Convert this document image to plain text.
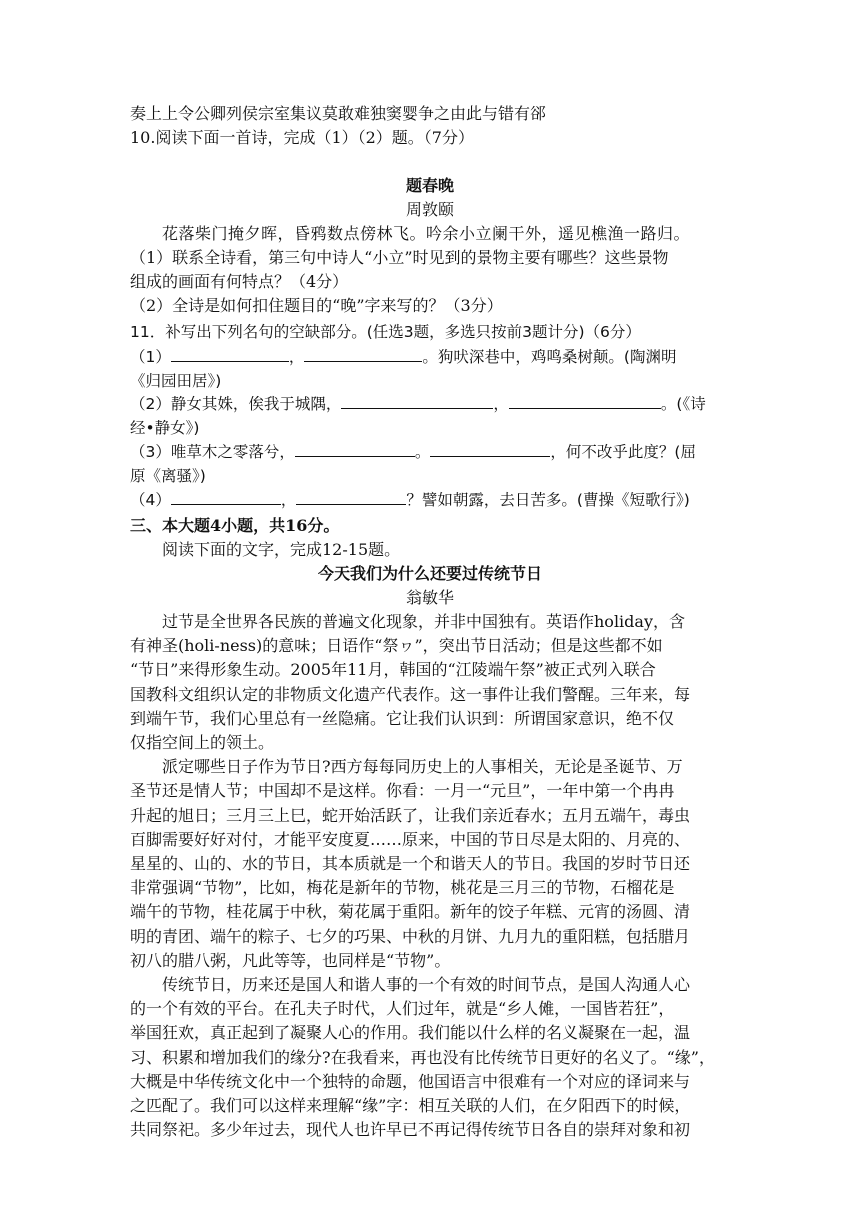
奏上上令公卿列侯宗室集议莫敢难独窦婴争之由此与错有郤
10.阅读下面一首诗，完成（1）（2）题。（7分）
题春晚
周敦颐
花落柴门掩夕晖，昏鸦数点傍林飞。吟余小立阑干外，遥见樵渔一路归。
（1）联系全诗看，第三句中诗人“小立”时见到的景物主要有哪些？这些景物
组成的画面有何特点？（4分）
（2）全诗是如何扣住题目的“晚”字来写的？（3分）
11．补写出下列名句的空缺部分。(任选3题，多选只按前3题计分)（6分）
（1）	，	。狗吠深巷中，鸡鸣桑树颠。(陶渊明
《归园田居》)
（2）静女其姝，俟我于城隅，	，	。(《诗
经•静女》)
（3）唯草木之零落兮，	。	，何不改乎此度？(屈
原《离骚》)
（4）	，	？譬如朝露，去日苦多。(曹操《短歌行》)
三、本大题4小题，共16分。
阅读下面的文字，完成12-15题。
今天我们为什么还要过传统节日
翁敏华
过节是全世界各民族的普遍文化现象，并非中国独有。英语作holiday，含
有神圣(holi-ness)的意味；日语作“祭ヮ”，突出节日活动；但是这些都不如
“节日”来得形象生动。2005年11月，韩国的“江陵端午祭”被正式列入联合
国教科文组织认定的非物质文化遗产代表作。这一事件让我们警醒。三年来，每
到端午节，我们心里总有一丝隐痛。它让我们认识到：所谓国家意识，绝不仅
仅指空间上的领土。
派定哪些日子作为节日?西方每每同历史上的人事相关，无论是圣诞节、万
圣节还是情人节；中国却不是这样。你看：一月一“元旦”，一年中第一个冉冉
升起的旭日；三月三上巳，蛇开始活跃了，让我们亲近春水；五月五端午，毒虫
百脚需要好好对付，才能平安度夏……原来，中国的节日尽是太阳的、月亮的、
星星的、山的、水的节日，其本质就是一个和谐天人的节日。我国的岁时节日还
非常强调“节物”，比如，梅花是新年的节物，桃花是三月三的节物，石榴花是
端午的节物，桂花属于中秋，菊花属于重阳。新年的饺子年糕、元宵的汤圆、清
明的青团、端午的粽子、七夕的巧果、中秋的月饼、九月九的重阳糕，包括腊月
初八的腊八粥，凡此等等，也同样是“节物”。
传统节日，历来还是国人和谐人事的一个有效的时间节点，是国人沟通人心
的一个有效的平台。在孔夫子时代，人们过年，就是“乡人傩，一国皆若狂”，
举国狂欢，真正起到了凝聚人心的作用。我们能以什么样的名义凝聚在一起，温
习、积累和增加我们的缘分?在我看来，再也没有比传统节日更好的名义了。“缘”，
大概是中华传统文化中一个独特的命题，他国语言中很难有一个对应的译词来与
之匹配了。我们可以这样来理解“缘”字：相互关联的人们，在夕阳西下的时候，
共同祭祀。多少年过去，现代人也许早已不再记得传统节日各自的崇拜对象和初
